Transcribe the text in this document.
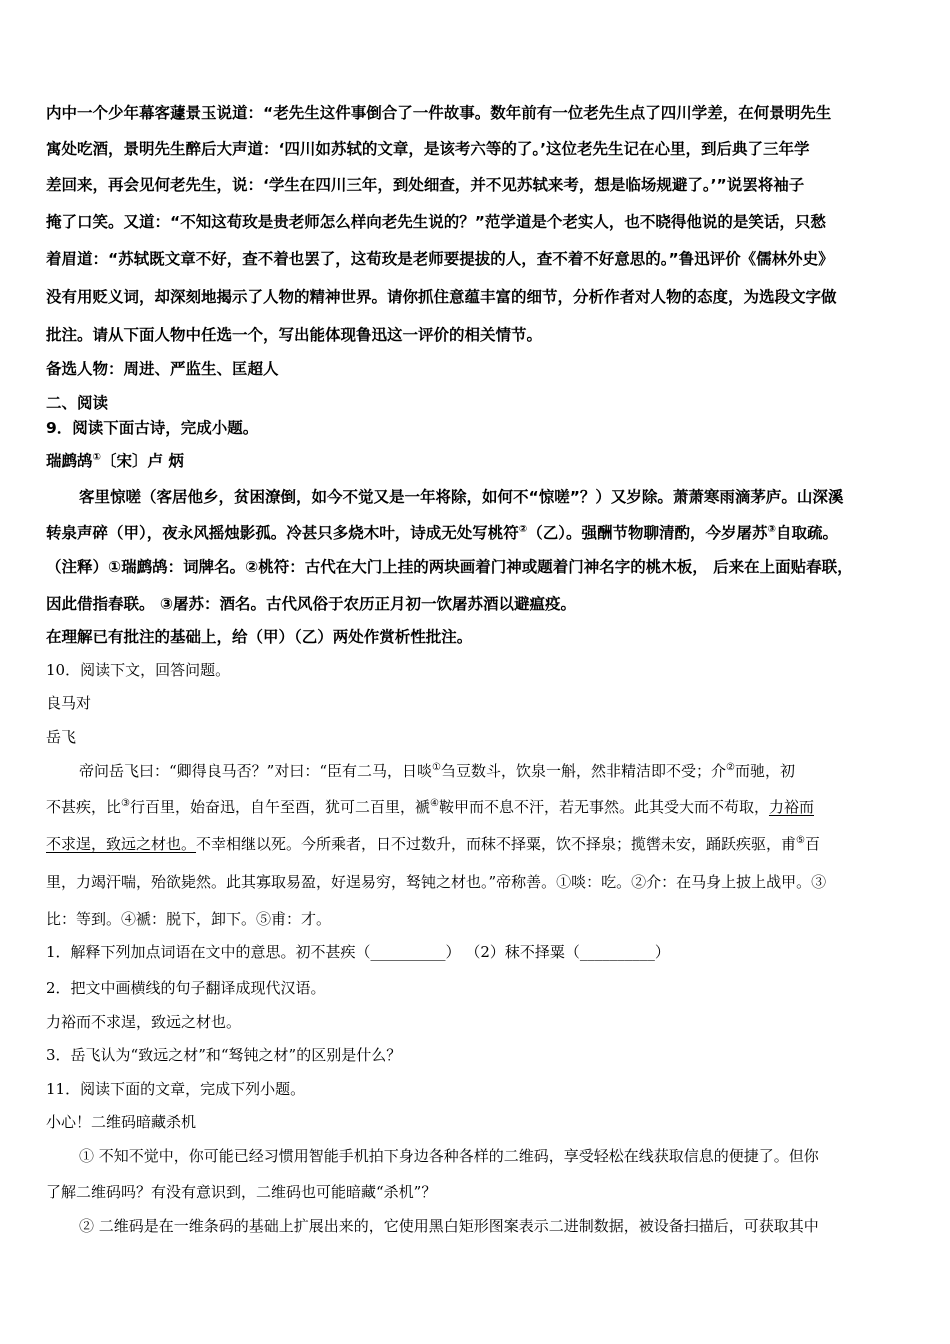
内中一个少年幕客蘧景玉说道：“老先生这件事倒合了一件故事。数年前有一位老先生点了四川学差，在何景明先生
寓处吃酒，景明先生醉后大声道：‘四川如苏轼的文章，是该考六等的了。’这位老先生记在心里，到后典了三年学
差回来，再会见何老先生，说：‘学生在四川三年，到处细查，并不见苏轼来考，想是临场规避了。’”说罢将袖子
掩了口笑。又道：“不知这荀玫是贵老师怎么样向老先生说的？”范学道是个老实人，也不晓得他说的是笑话，只愁
着眉道：“苏轼既文章不好，查不着也罢了，这荀玫是老师要提拔的人，查不着不好意思的。”鲁迅评价《儒林外史》
没有用贬义词，却深刻地揭示了人物的精神世界。请你抓住意蕴丰富的细节，分析作者对人物的态度，为选段文字做
批注。请从下面人物中任选一个，写出能体现鲁迅这一评价的相关情节。
备选人物：周进、严监生、匡超人
二、阅读
9．阅读下面古诗，完成小题。
瑞鹧鸪①〔宋〕卢 炳
客里惊嗟（客居他乡，贫困潦倒，如今不觉又是一年将除，如何不“惊嗟”？）又岁除。萧萧寒雨滴茅庐。山深溪
转泉声碎（甲），夜永风摇烛影孤。冷甚只多烧木叶，诗成无处写桃符②（乙）。强酬节物聊清酌，今岁屠苏③自取疏。
（注释）①瑞鹧鸪：词牌名。②桃符：古代在大门上挂的两块画着门神或题着门神名字的桃木板， 后来在上面贴春联，
因此借指春联。 ③屠苏：酒名。古代风俗于农历正月初一饮屠苏酒以避瘟疫。
在理解已有批注的基础上，给（甲）（乙）两处作赏析性批注。
10．阅读下文，回答问题。
良马对
岳飞
帝问岳飞曰：“卿得良马否？”对曰：“臣有二马，日啖①刍豆数斗，饮泉一斛，然非精洁即不受；介②而驰，初
不甚疾，比③行百里，始奋迅，自午至酉，犹可二百里，褫④鞍甲而不息不汗，若无事然。此其受大而不苟取，力裕而
不求逞，致远之材也。不幸相继以死。今所乘者，日不过数升，而秣不择粟，饮不择泉；揽辔未安，踊跃疾驱，甫⑤百
里，力竭汗喘，殆欲毙然。此其寡取易盈，好逞易穷，驽钝之材也。”帝称善。①啖：吃。②介：在马身上披上战甲。③
比：等到。④褫：脱下，卸下。⑤甫：才。
1．解释下列加点词语在文中的意思。初不甚疾（__________） （2）秣不择粟（__________）
2．把文中画横线的句子翻译成现代汉语。
力裕而不求逞，致远之材也。
3．岳飞认为“致远之材”和“驽钝之材”的区别是什么？
11．阅读下面的文章，完成下列小题。
小心！二维码暗藏杀机
① 不知不觉中，你可能已经习惯用智能手机拍下身边各种各样的二维码，享受轻松在线获取信息的便捷了。但你
了解二维码吗？有没有意识到，二维码也可能暗藏“杀机”？
② 二维码是在一维条码的基础上扩展出来的，它使用黑白矩形图案表示二进制数据，被设备扫描后，可获取其中
